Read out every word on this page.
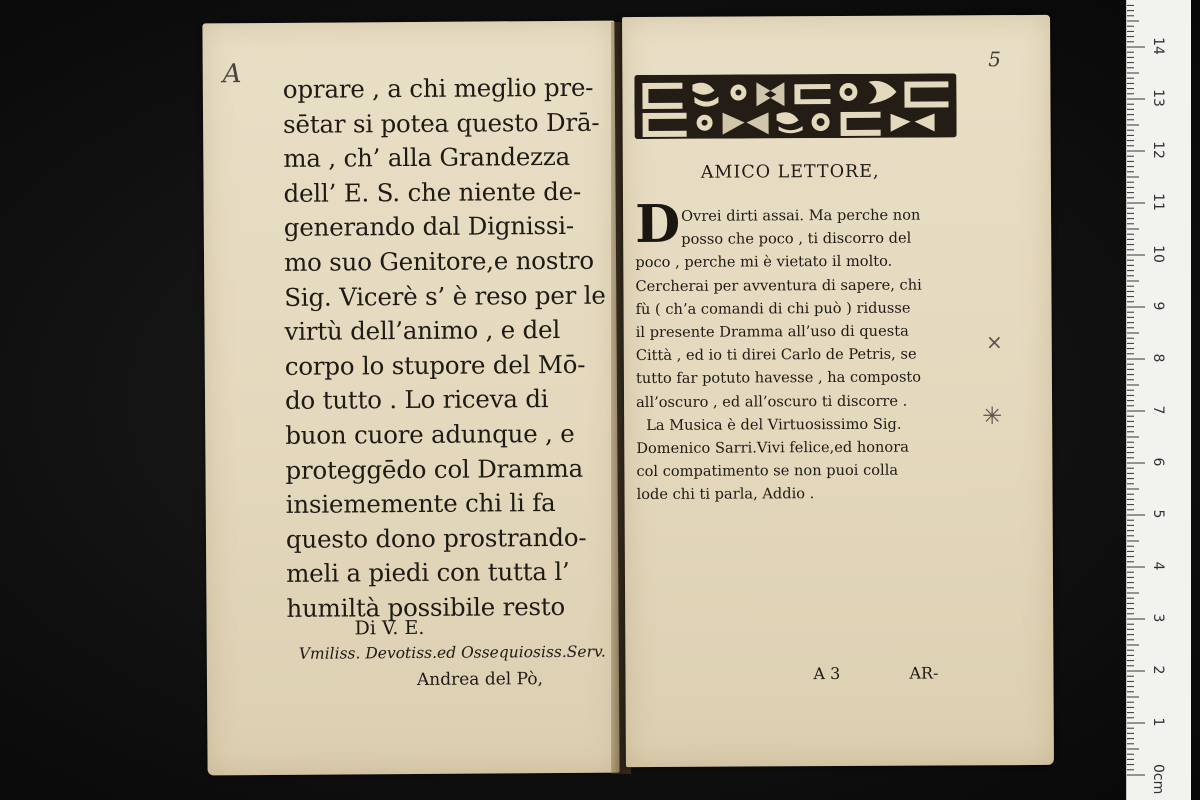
A oprare , a chi meglio pre-
sētar si potea questo Drā-
ma , ch’ alla Grandezza
dell’ E. S. che niente de-
generando dal Dignissi-
mo suo Genitore,e nostro
Sig. Vicerè s’ è reso per le
virtù dell’animo , e del
corpo lo stupore del Mō-
do tutto . Lo riceva di
buon cuore adunque , e
proteggēdo col Dramma
insiememente chi li fa
questo dono prostrando-
meli a piedi con tutta l’
humiltà possibile resto
Di V. E.
Vmiliss. Devotiss.ed Ossequiosiss.Serv.
Andrea del Pò,
5
AMICO LETTORE,
D Ovrei dirti assai. Ma perche non
posso che poco , ti discorro del
poco , perche mi è vietato il molto.
Cercherai per avventura di sapere, chi
fù ( ch’a comandi di chi può ) ridusse
il presente Dramma all’uso di questa
Città , ed io ti direi Carlo de Petris, se
tutto far potuto havesse , ha composto
all’oscuro , ed all’oscuro ti discorre .
La Musica è del Virtuosissimo Sig.
Domenico Sarri.Vivi felice,ed honora
col compatimento se non puoi colla
lode chi ti parla, Addio .
A 3	AR-
×
✳
0cm
1
2
3
4
5
6
7
8
9
10
11
12
13
14
